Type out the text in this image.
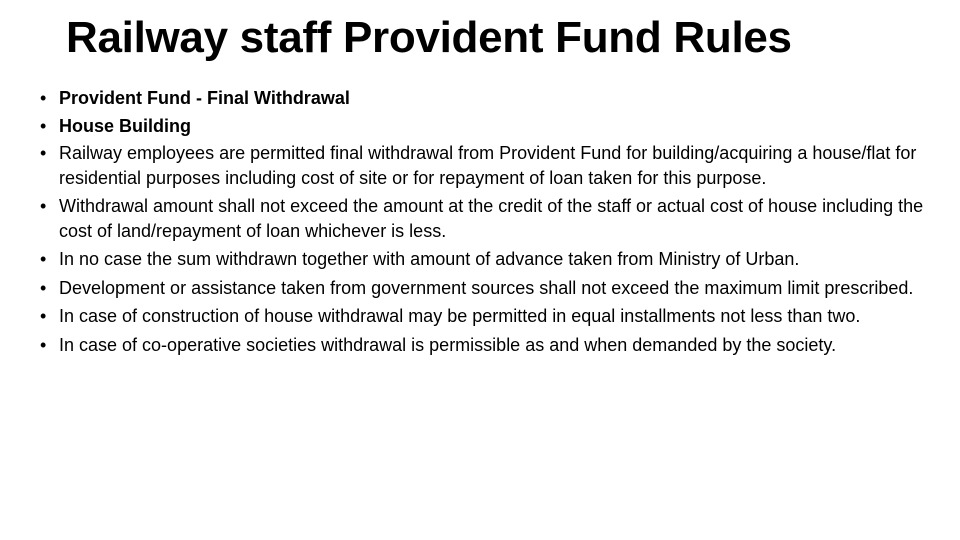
Railway staff Provident Fund Rules
• Provident Fund - Final Withdrawal
• House Building
• Railway employees are permitted final withdrawal from Provident Fund for building/acquiring a house/flat for residential purposes including cost of site or for repayment of loan taken for this purpose.
• Withdrawal amount shall not exceed the amount at the credit of the staff or actual cost of house including the cost of land/repayment of loan whichever is less.
• In no case the sum withdrawn together with amount of advance taken from Ministry of Urban.
• Development or assistance taken from government sources shall not exceed the maximum limit prescribed.
• In case of construction of house withdrawal may be permitted in equal installments not less than two.
• In case of co-operative societies withdrawal is permissible as and when demanded by the society.
